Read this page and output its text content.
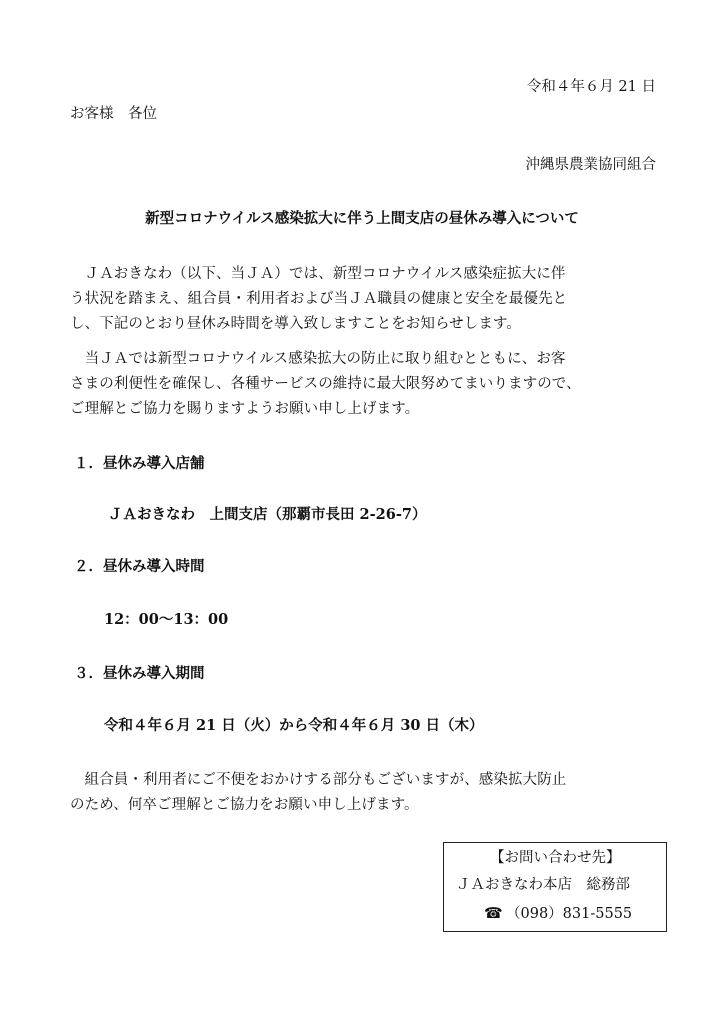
令和４年６月 21 日
お客様　各位
沖縄県農業協同組合
新型コロナウイルス感染拡大に伴う上間支店の昼休み導入について
　ＪＡおきなわ（以下、当ＪＡ）では、新型コロナウイルス感染症拡大に伴
う状況を踏まえ、組合員・利用者および当ＪＡ職員の健康と安全を最優先と
し、下記のとおり昼休み時間を導入致しますことをお知らせします。
　当ＪＡでは新型コロナウイルス感染拡大の防止に取り組むとともに、お客
さまの利便性を確保し、各種サービスの維持に最大限努めてまいりますので、
ご理解とご協力を賜りますようお願い申し上げます。
１．昼休み導入店舗
ＪＡおきなわ　上間支店（那覇市長田 2-26-7）
２．昼休み導入時間
12：00〜13：00
３．昼休み導入期間
令和４年６月 21 日（火）から令和４年６月 30 日（木）
　組合員・利用者にご不便をおかけする部分もございますが、感染拡大防止
のため、何卒ご理解とご協力をお願い申し上げます。
【お問い合わせ先】
ＪＡおきなわ本店　総務部
☎ （098）831-5555
